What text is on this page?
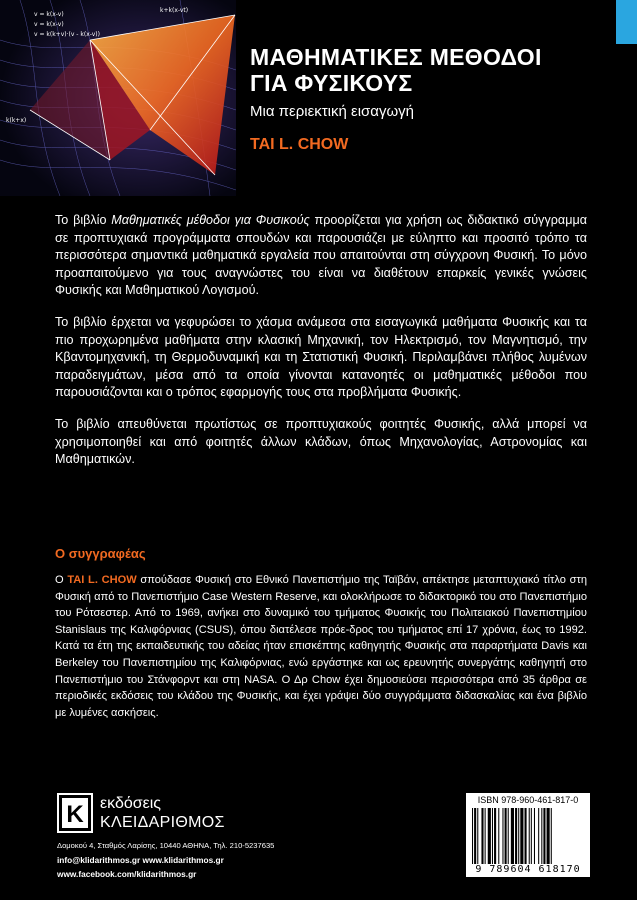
v = k(x-v)
v = k(x-v)
v = k(k+v)·(v - k(x-v))
k+k(x-vt)
k(k+x)
ΜΑΘΗΜΑΤΙΚΕΣ ΜΕΘΟΔΟΙ
ΓΙΑ ΦΥΣΙΚΟΥΣ
Μια περιεκτική εισαγωγή
TAI L. CHOW

Το βιβλίο Μαθηματικές μέθοδοι για Φυσικούς προορίζεται για χρήση ως διδακτικό σύγγραμμα σε προπτυχιακά προγράμματα σπουδών και παρουσιάζει με εύληπτο και προσιτό τρόπο τα περισσότερα σημαντικά μαθηματικά εργαλεία που απαιτούνται στη σύγχρονη Φυσική. Το μόνο προαπαιτούμενο για τους αναγνώστες του είναι να διαθέτουν επαρκείς γενικές γνώσεις Φυσικής και Μαθηματικού Λογισμού.

Το βιβλίο έρχεται να γεφυρώσει το χάσμα ανάμεσα στα εισαγωγικά μαθήματα Φυσικής και τα πιο προχωρημένα μαθήματα στην κλασική Μηχανική, τον Ηλεκτρισμό, τον Μαγνητισμό, την Κβαντομηχανική, τη Θερμοδυναμική και τη Στατιστική Φυσική. Περιλαμβάνει πλήθος λυμένων παραδειγμάτων, μέσα από τα οποία γίνονται κατανοητές οι μαθηματικές μέθοδοι που παρουσιάζονται και ο τρόπος εφαρμογής τους στα προβλήματα Φυσικής.

Το βιβλίο απευθύνεται πρωτίστως σε προπτυχιακούς φοιτητές Φυσικής, αλλά μπορεί να χρησιμοποιηθεί και από φοιτητές άλλων κλάδων, όπως Μηχανολογίας, Αστρονομίας και Μαθηματικών.

Ο συγγραφέας

Ο TAI L. CHOW σπούδασε Φυσική στο Εθνικό Πανεπιστήμιο της Ταϊβάν, απέκτησε μεταπτυχιακό τίτλο στη Φυσική από το Πανεπιστήμιο Case Western Reserve, και ολοκλήρωσε το διδακτορικό του στο Πανεπιστήμιο του Ρότσεστερ. Από το 1969, ανήκει στο δυναμικό του τμήματος Φυσικής του Πολιτειακού Πανεπιστημίου Stanislaus της Καλιφόρνιας (CSUS), όπου διατέλεσε πρόε-δρος του τμήματος επί 17 χρόνια, έως το 1992. Κατά τα έτη της εκπαιδευτικής του αδείας ήταν επισκέπτης καθηγητής Φυσικής στα παραρτήματα Davis και Berkeley του Πανεπιστημίου της Καλιφόρνιας, ενώ εργάστηκε και ως ερευνητής συνεργάτης καθηγητή στο Πανεπιστήμιο του Στάνφορντ και στη NASA. Ο Δρ Chow έχει δημοσιεύσει περισσότερα από 35 άρθρα σε περιοδικές εκδόσεις του κλάδου της Φυσικής, και έχει γράψει δύο συγγράμματα διδασκαλίας και ένα βιβλίο με λυμένες ασκήσεις.

K εκδόσεις
ΚΛΕΙΔΑΡΙΘΜΟΣ
Δομοκού 4, Σταθμός Λαρίσης, 10440 ΑΘΗΝΑ, Τηλ. 210-5237635
info@klidarithmos.gr www.klidarithmos.gr
www.facebook.com/klidarithmos.gr
ISBN 978-960-461-817-0
9 789604 618170
